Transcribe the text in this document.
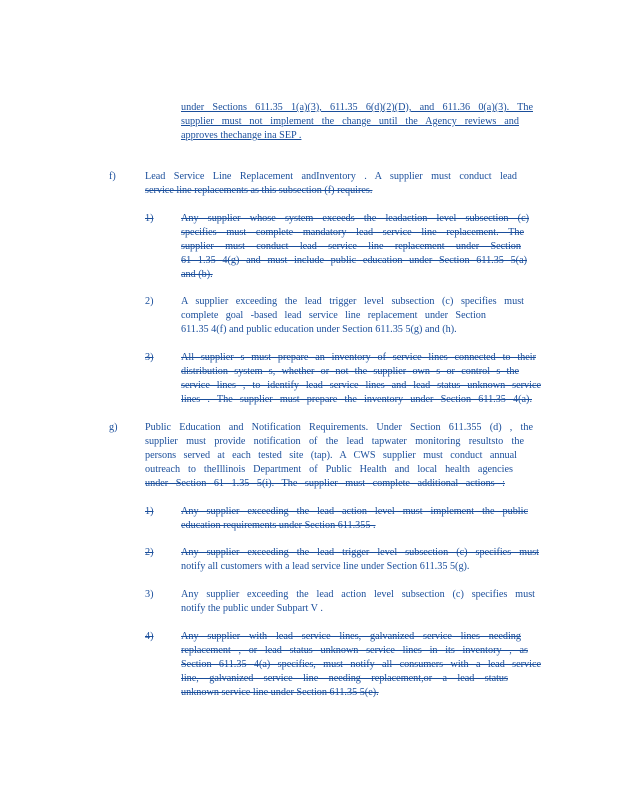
under Sections 611.35 1(a)(3), 611.35 6(d)(2)(D), and 611.36 0(a)(3). The
supplier must not implement the change until the Agency reviews and
approves thechange ina SEP .
f)	Lead Service Line Replacement andInventory . A supplier must conduct lead
service line replacements as this subsection (f) requires.
1)	Any supplier whose system exceeds the leadaction level subsection (c)
specifies must complete mandatory lead service line replacement. The
supplier must conduct lead service line replacement under Section
61 1.35 4(g) and must include public education under Section 611.35 5(a)
and (b).
2)	A supplier exceeding the lead trigger level subsection (c) specifies must
complete goal -based lead service line replacement under Section
611.35 4(f) and public education under Section 611.35 5(g) and (h).
3)	All supplier s must prepare an inventory of service lines connected to their
distribution system s, whether or not the supplier own s or control s the
service lines , to identify lead service lines and lead status unknown service
lines . The supplier must prepare the inventory under Section 611.35 4(a).
g)	Public Education and Notification Requirements. Under Section 611.355 (d) , the
supplier must provide notification of the lead tapwater monitoring resultsto the
persons served at each tested site (tap). A CWS supplier must conduct annual
outreach to theIllinois Department of Public Health and local health agencies
under Section 61 1.35 5(i). The supplier must complete additional actions :
1)	Any supplier exceeding the lead action level must implement the public
education requirements under Section 611.355 .
2)	Any supplier exceeding the lead trigger level subsection (c) specifies must
notify all customers with a lead service line under Section 611.35 5(g).
3)	Any supplier exceeding the lead action level subsection (c) specifies must
notify the public under Subpart V .
4)	Any supplier with lead service lines, galvanized service lines needing
replacement , or lead status unknown service lines in its inventory , as
Section 611.35 4(a) specifies, must notify all consumers with a lead service
line, galvanized service line needing replacement,or a lead status
unknown service line under Section 611.35 5(e).
